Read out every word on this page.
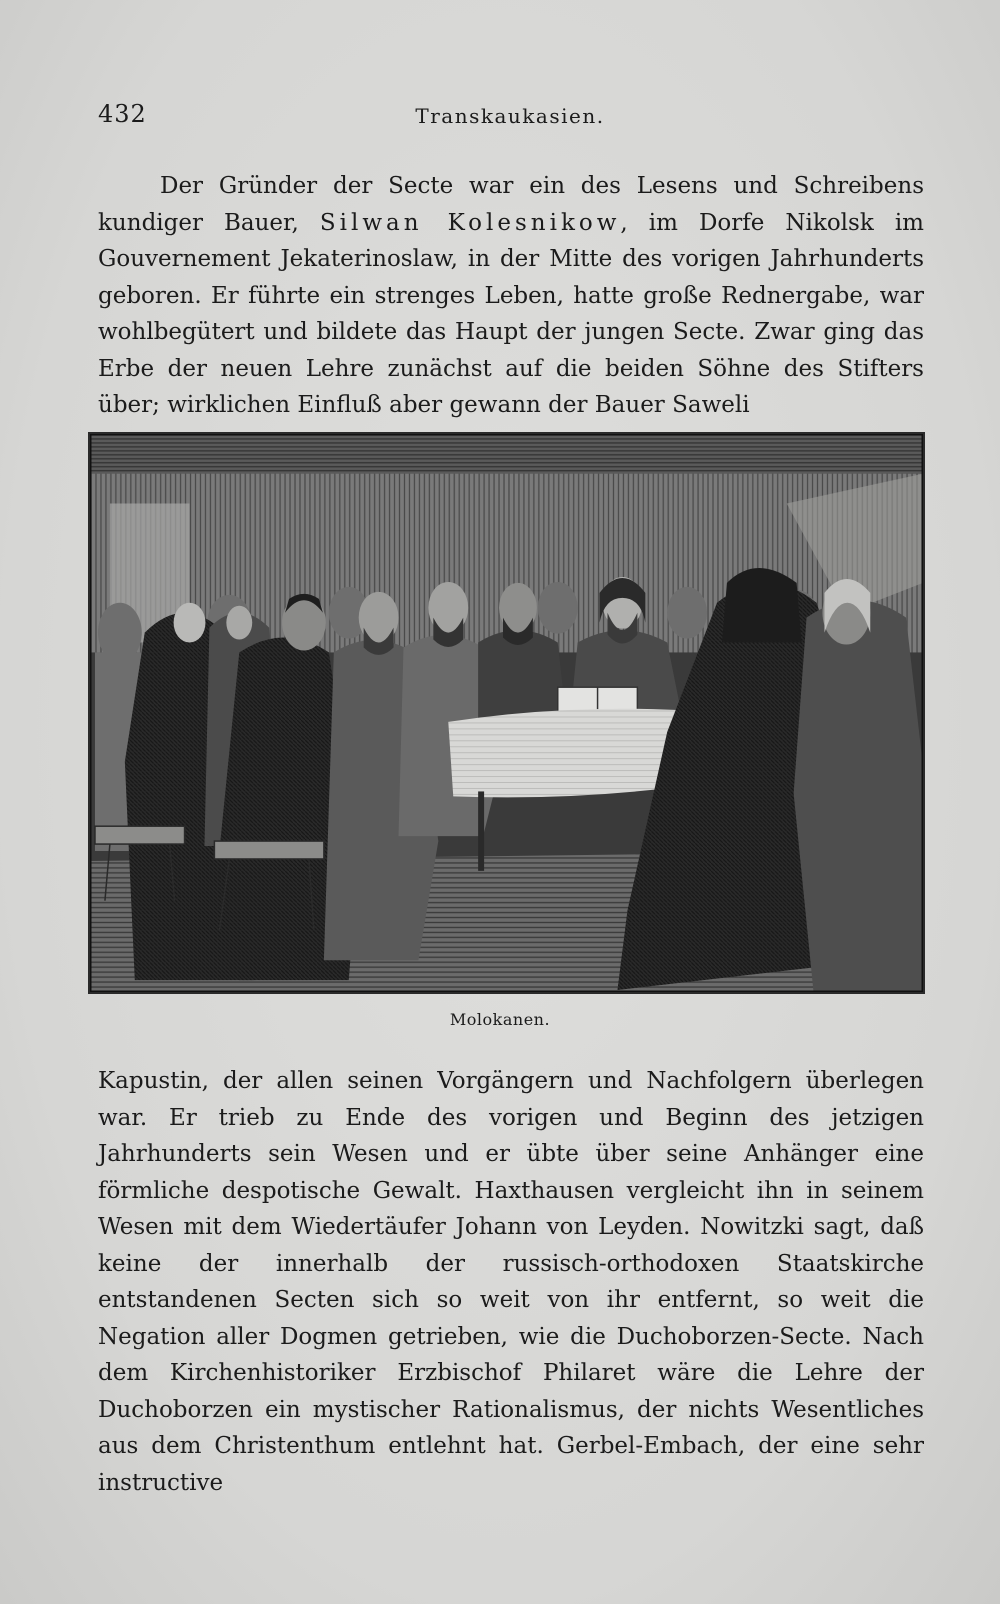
432	Transkaukasien.

Der Gründer der Secte war ein des Lesens und Schreibens kundiger Bauer, Silwan Kolesnikow, im Dorfe Nikolsk im Gouvernement Jekaterinoslaw, in der Mitte des vorigen Jahrhunderts geboren. Er führte ein strenges Leben, hatte große Rednergabe, war wohlbegütert und bildete das Haupt der jungen Secte. Zwar ging das Erbe der neuen Lehre zunächst auf die beiden Söhne des Stifters über; wirklichen Einfluß aber gewann der Bauer Saweli

Molokanen.

Kapustin, der allen seinen Vorgängern und Nachfolgern überlegen war. Er trieb zu Ende des vorigen und Beginn des jetzigen Jahrhunderts sein Wesen und er übte über seine Anhänger eine förmliche despotische Gewalt. Haxthausen vergleicht ihn in seinem Wesen mit dem Wiedertäufer Johann von Leyden. Nowitzki sagt, daß keine der innerhalb der russisch-orthodoxen Staatskirche entstandenen Secten sich so weit von ihr entfernt, so weit die Negation aller Dogmen getrieben, wie die Duchoborzen-Secte. Nach dem Kirchenhistoriker Erzbischof Philaret wäre die Lehre der Duchoborzen ein mystischer Rationalismus, der nichts Wesentliches aus dem Christenthum entlehnt hat. Gerbel-Embach, der eine sehr instructive
